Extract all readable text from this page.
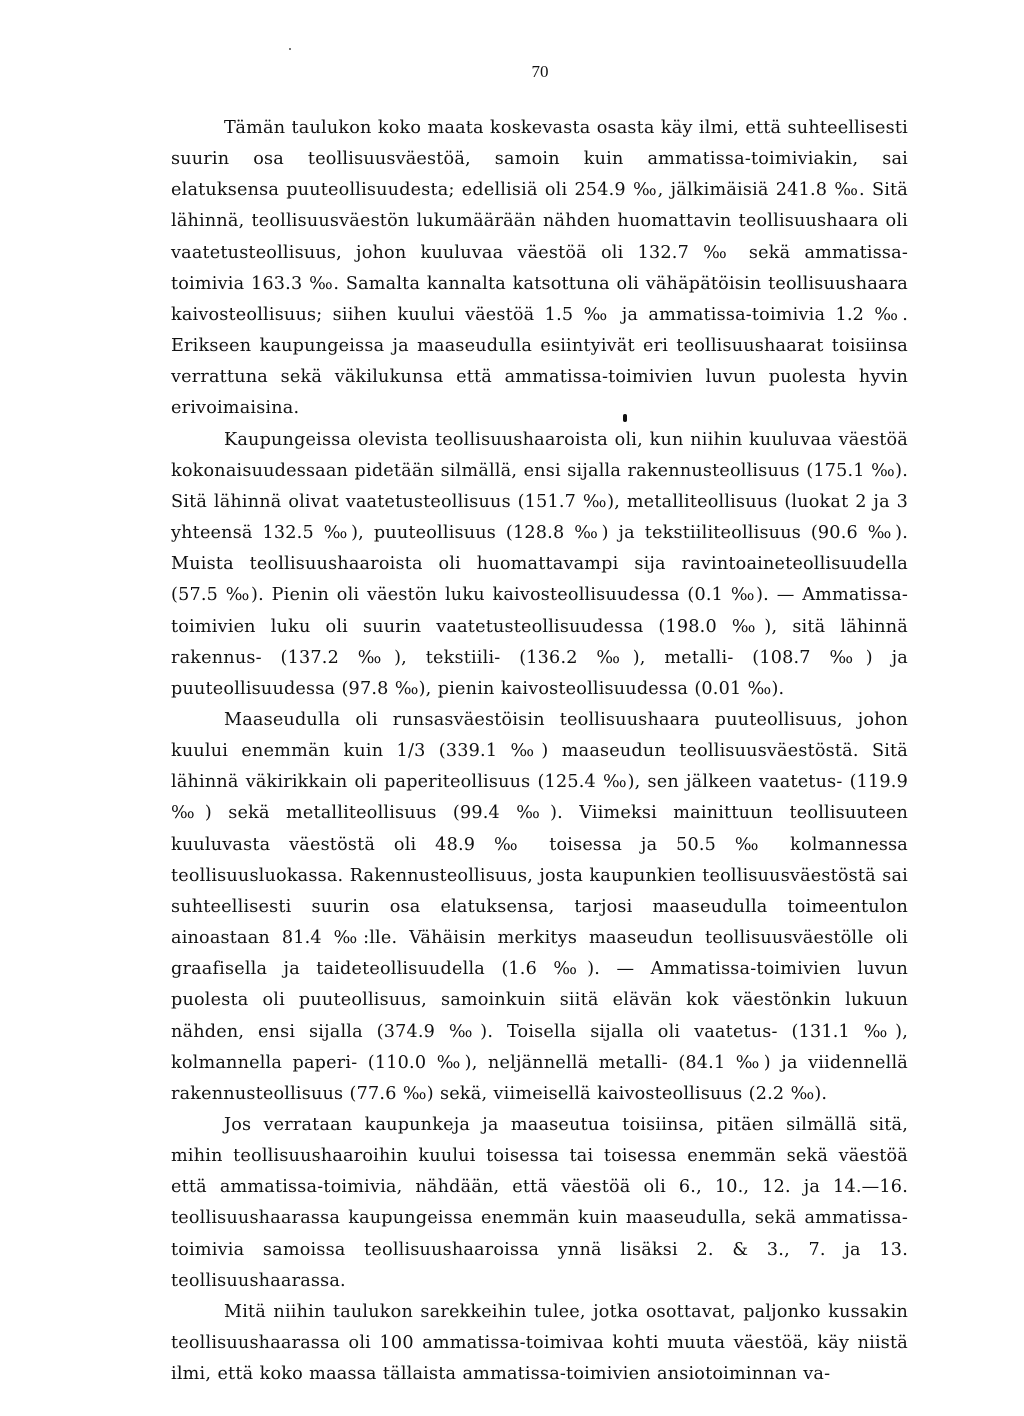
70

Tämän taulukon koko maata koskevasta osasta käy ilmi, että suhteellisesti suurin osa teollisuusväestöä, samoin kuin ammatissa-toimiviakin, sai elatuksensa puuteollisuudesta; edellisiä oli 254.9 ‰, jälkimäisiä 241.8 ‰. Sitä lähinnä, teollisuusväestön lukumäärään nähden huomattavin teollisuushaara oli vaatetusteollisuus, johon kuuluvaa väestöä oli 132.7 ‰ sekä ammatissa-toimivia 163.3 ‰. Samalta kannalta katsottuna oli vähäpätöisin teollisuushaara kaivosteollisuus; siihen kuului väestöä 1.5 ‰ ja ammatissa-toimivia 1.2 ‰. Erikseen kaupungeissa ja maaseudulla esiintyivät eri teollisuushaarat toisiinsa verrattuna sekä väkilukunsa että ammatissa-toimivien luvun puolesta hyvin erivoimaisina.

Kaupungeissa olevista teollisuushaaroista oli, kun niihin kuuluvaa väestöä kokonaisuudessaan pidetään silmällä, ensi sijalla rakennusteollisuus (175.1 ‰). Sitä lähinnä olivat vaatetusteollisuus (151.7 ‰), metalliteollisuus (luokat 2 ja 3 yhteensä 132.5 ‰), puuteollisuus (128.8 ‰) ja tekstiiliteollisuus (90.6 ‰). Muista teollisuushaaroista oli huomattavampi sija ravintoaineteollisuudella (57.5 ‰). Pienin oli väestön luku kaivosteollisuudessa (0.1 ‰). — Ammatissa-toimivien luku oli suurin vaatetusteollisuudessa (198.0 ‰), sitä lähinnä rakennus- (137.2 ‰), tekstiili- (136.2 ‰), metalli- (108.7 ‰) ja puuteollisuudessa (97.8 ‰), pienin kaivosteollisuudessa (0.01 ‰).

Maaseudulla oli runsasväestöisin teollisuushaara puuteollisuus, johon kuului enemmän kuin 1/3 (339.1 ‰) maaseudun teollisuusväestöstä. Sitä lähinnä väkirikkain oli paperiteollisuus (125.4 ‰), sen jälkeen vaatetus- (119.9 ‰) sekä metalliteollisuus (99.4 ‰). Viimeksi mainittuun teollisuuteen kuuluvasta väestöstä oli 48.9 ‰ toisessa ja 50.5 ‰ kolmannessa teollisuusluokassa. Rakennusteollisuus, josta kaupunkien teollisuusväestöstä sai suhteellisesti suurin osa elatuksensa, tarjosi maaseudulla toimeentulon ainoastaan 81.4 ‰:lle. Vähäisin merkitys maaseudun teollisuusväestölle oli graafisella ja taideteollisuudella (1.6 ‰). — Ammatissa-toimivien luvun puolesta oli puuteollisuus, samoinkuin siitä elävän kok väestönkin lukuun nähden, ensi sijalla (374.9 ‰). Toisella sijalla oli vaatetus- (131.1 ‰), kolmannella paperi- (110.0 ‰), neljännellä metalli- (84.1 ‰) ja viidennellä rakennusteollisuus (77.6 ‰) sekä, viimeisellä kaivosteollisuus (2.2 ‰).

Jos verrataan kaupunkeja ja maaseutua toisiinsa, pitäen silmällä sitä, mihin teollisuushaaroihin kuului toisessa tai toisessa enemmän sekä väestöä että ammatissa-toimivia, nähdään, että väestöä oli 6., 10., 12. ja 14.—16. teollisuushaarassa kaupungeissa enemmän kuin maaseudulla, sekä ammatissa-toimivia samoissa teollisuushaaroissa ynnä lisäksi 2. & 3., 7. ja 13. teollisuushaarassa.

Mitä niihin taulukon sarekkeihin tulee, jotka osottavat, paljonko kussakin teollisuushaarassa oli 100 ammatissa-toimivaa kohti muuta väestöä, käy niistä ilmi, että koko maassa tällaista ammatissa-toimivien ansiotoiminnan va-
